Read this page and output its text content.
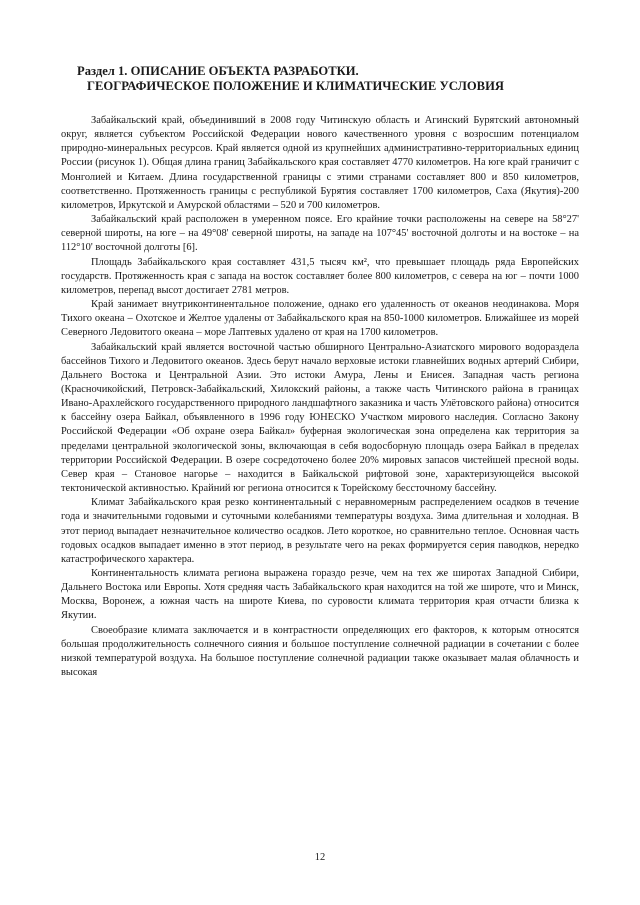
Раздел 1. ОПИСАНИЕ ОБЪЕКТА РАЗРАБОТКИ.
ГЕОГРАФИЧЕСКОЕ ПОЛОЖЕНИЕ И КЛИМАТИЧЕСКИЕ УСЛОВИЯ

Забайкальский край, объединивший в 2008 году Читинскую область и Агинский Бурятский автономный округ, является субъектом Российской Федерации нового качественного уровня с возросшим потенциалом природно-минеральных ресурсов. Край является одной из крупнейших административно-территориальных единиц России (рисунок 1). Общая длина границ Забайкальского края составляет 4770 километров. На юге край граничит с Монголией и Китаем. Длина государственной границы с этими странами составляет 800 и 850 километров, соответственно. Протяженность границы с республикой Бурятия составляет 1700 километров, Саха (Якутия)-200 километров, Иркутской и Амурской областями – 520 и 700 километров.

Забайкальский край расположен в умеренном поясе. Его крайние точки расположены на севере на 58°27' северной широты, на юге – на 49°08' северной широты, на западе на 107°45' восточной долготы и на востоке – на 112°10' восточной долготы [6].

Площадь Забайкальского края составляет 431,5 тысяч км², что превышает площадь ряда Европейских государств. Протяженность края с запада на восток составляет более 800 километров, с севера на юг – почти 1000 километров, перепад высот достигает 2781 метров.

Край занимает внутриконтинентальное положение, однако его удаленность от океанов неодинакова. Моря Тихого океана – Охотское и Желтое удалены от Забайкальского края на 850-1000 километров. Ближайшее из морей Северного Ледовитого океана – море Лаптевых удалено от края на 1700 километров.

Забайкальский край является восточной частью обширного Центрально-Азиатского мирового водораздела бассейнов Тихого и Ледовитого океанов. Здесь берут начало верховые истоки главнейших водных артерий Сибири, Дальнего Востока и Центральной Азии. Это истоки Амура, Лены и Енисея. Западная часть региона (Красночикойский, Петровск-Забайкальский, Хилокский районы, а также часть Читинского района в границах Ивано-Арахлейского государственного природного ландшафтного заказника и часть Улётовского района) относится к бассейну озера Байкал, объявленного в 1996 году ЮНЕСКО Участком мирового наследия. Согласно Закону Российской Федерации «Об охране озера Байкал» буферная экологическая зона определена как территория за пределами центральной экологической зоны, включающая в себя водосборную площадь озера Байкал в пределах территории Российской Федерации. В озере сосредоточено более 20% мировых запасов чистейшей пресной воды. Север края – Становое нагорье – находится в Байкальской рифтовой зоне, характеризующейся высокой тектонической активностью. Крайний юг региона относится к Торейскому бессточному бассейну.

Климат Забайкальского края резко континентальный с неравномерным распределением осадков в течение года и значительными годовыми и суточными колебаниями температуры воздуха. Зима длительная и холодная. В этот период выпадает незначительное количество осадков. Лето короткое, но сравнительно теплое. Основная часть годовых осадков выпадает именно в этот период, в результате чего на реках формируется серия паводков, нередко катастрофического характера.

Континентальность климата региона выражена гораздо резче, чем на тех же широтах Западной Сибири, Дальнего Востока или Европы. Хотя средняя часть Забайкальского края находится на той же широте, что и Минск, Москва, Воронеж, а южная часть на широте Киева, по суровости климата территория края отчасти близка к Якутии.

Своеобразие климата заключается и в контрастности определяющих его факторов, к которым относятся большая продолжительность солнечного сияния и большое поступление солнечной радиации в сочетании с более низкой температурой воздуха. На большое поступление солнечной радиации также оказывает малая облачность и высокая

12
